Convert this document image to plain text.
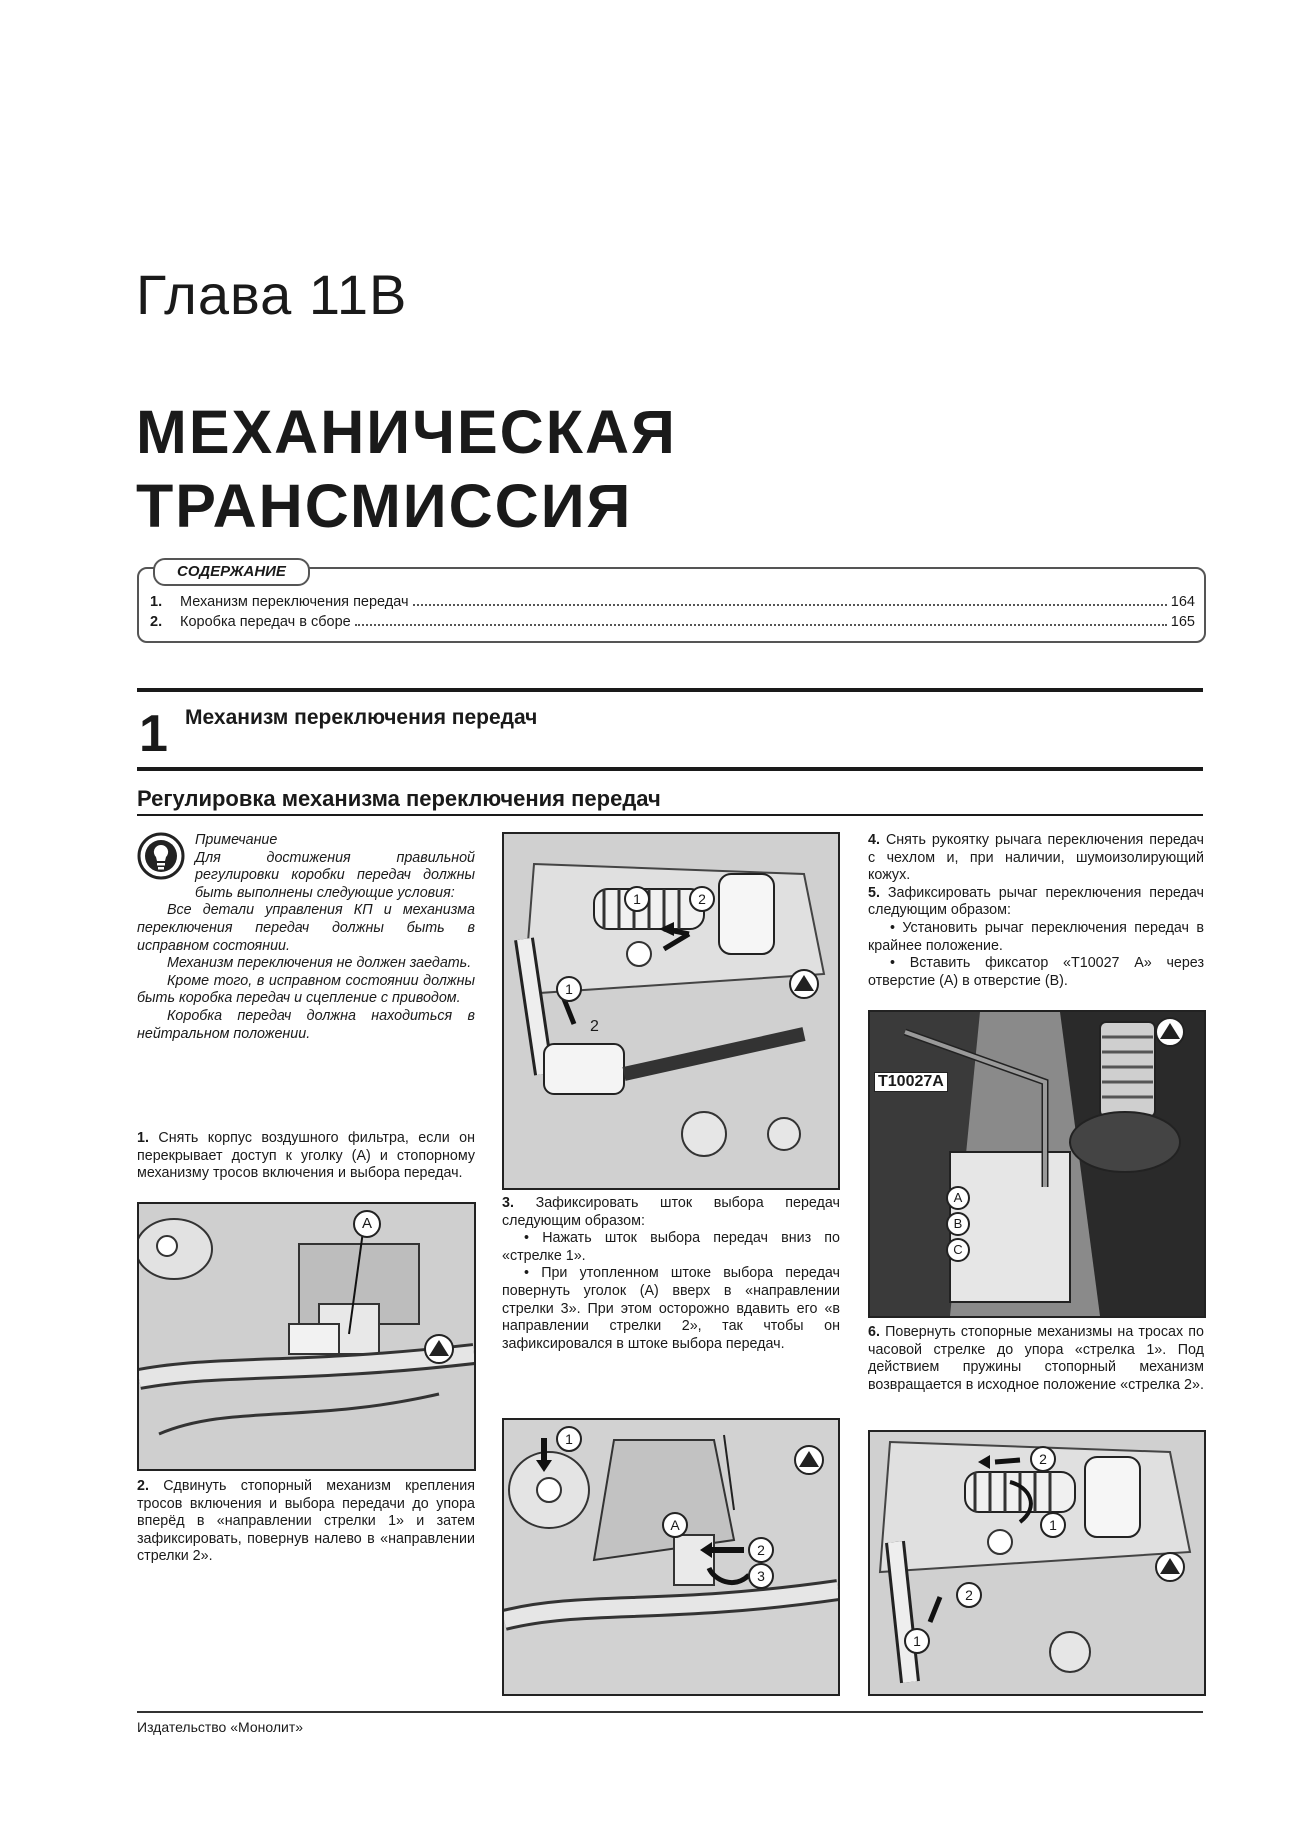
Глава 11В
МЕХАНИЧЕСКАЯ
ТРАНСМИССИЯ
СОДЕРЖАНИЕ
1.	Механизм переключения передач	164
2.	Коробка передач в сборе	165
1 Механизм переключения передач
Регулировка механизма переключения передач
Примечание

Для достижения правильной регулировки коробки передач должны быть выполнены следующие условия:

Все детали управления КП и механизма переключения передач должны быть в исправном состоянии.

Механизм переключения не должен заедать.

Кроме того, в исправном состоянии должны быть коробка передач и сцепление с приводом.

Коробка передач должна находиться в нейтральном положении.

1. Снять корпус воздушного фильтра, если он перекрывает доступ к уголку (А) и стопорному механизму тросов включения и выбора передач.

A

2. Сдвинуть стопорный механизм крепления тросов включения и выбора передачи до упора вперёд в «направлении стрелки 1» и затем зафиксировать, повернув налево в «направлении стрелки 2».

1	2
1
2

3. Зафиксировать шток выбора передач следующим образом:

• Нажать шток выбора передач вниз по «стрелке 1».

• При утопленном штоке выбора передач повернуть уголок (А) вверх в «направлении стрелки 3». При этом осторожно вдавить его «в направлении стрелки 2», так чтобы он зафиксировался в штоке выбора передач.

1
A
2
3

4. Снять рукоятку рычага переключения передач с чехлом и, при наличии, шумоизолирующий кожух.

5. Зафиксировать рычаг переключения передач следующим образом:

• Установить рычаг переключения передач в крайнее положение.

• Вставить фиксатор «Т10027 А» через отверстие (А) в отверстие (В).

T10027A
A
B
C

6. Повернуть стопорные механизмы на тросах по часовой стрелке до упора «стрелка 1». Под действием пружины стопорный механизм возвращается в исходное положение «стрелка 2».

2
1
2
1
Издательство «Монолит»
